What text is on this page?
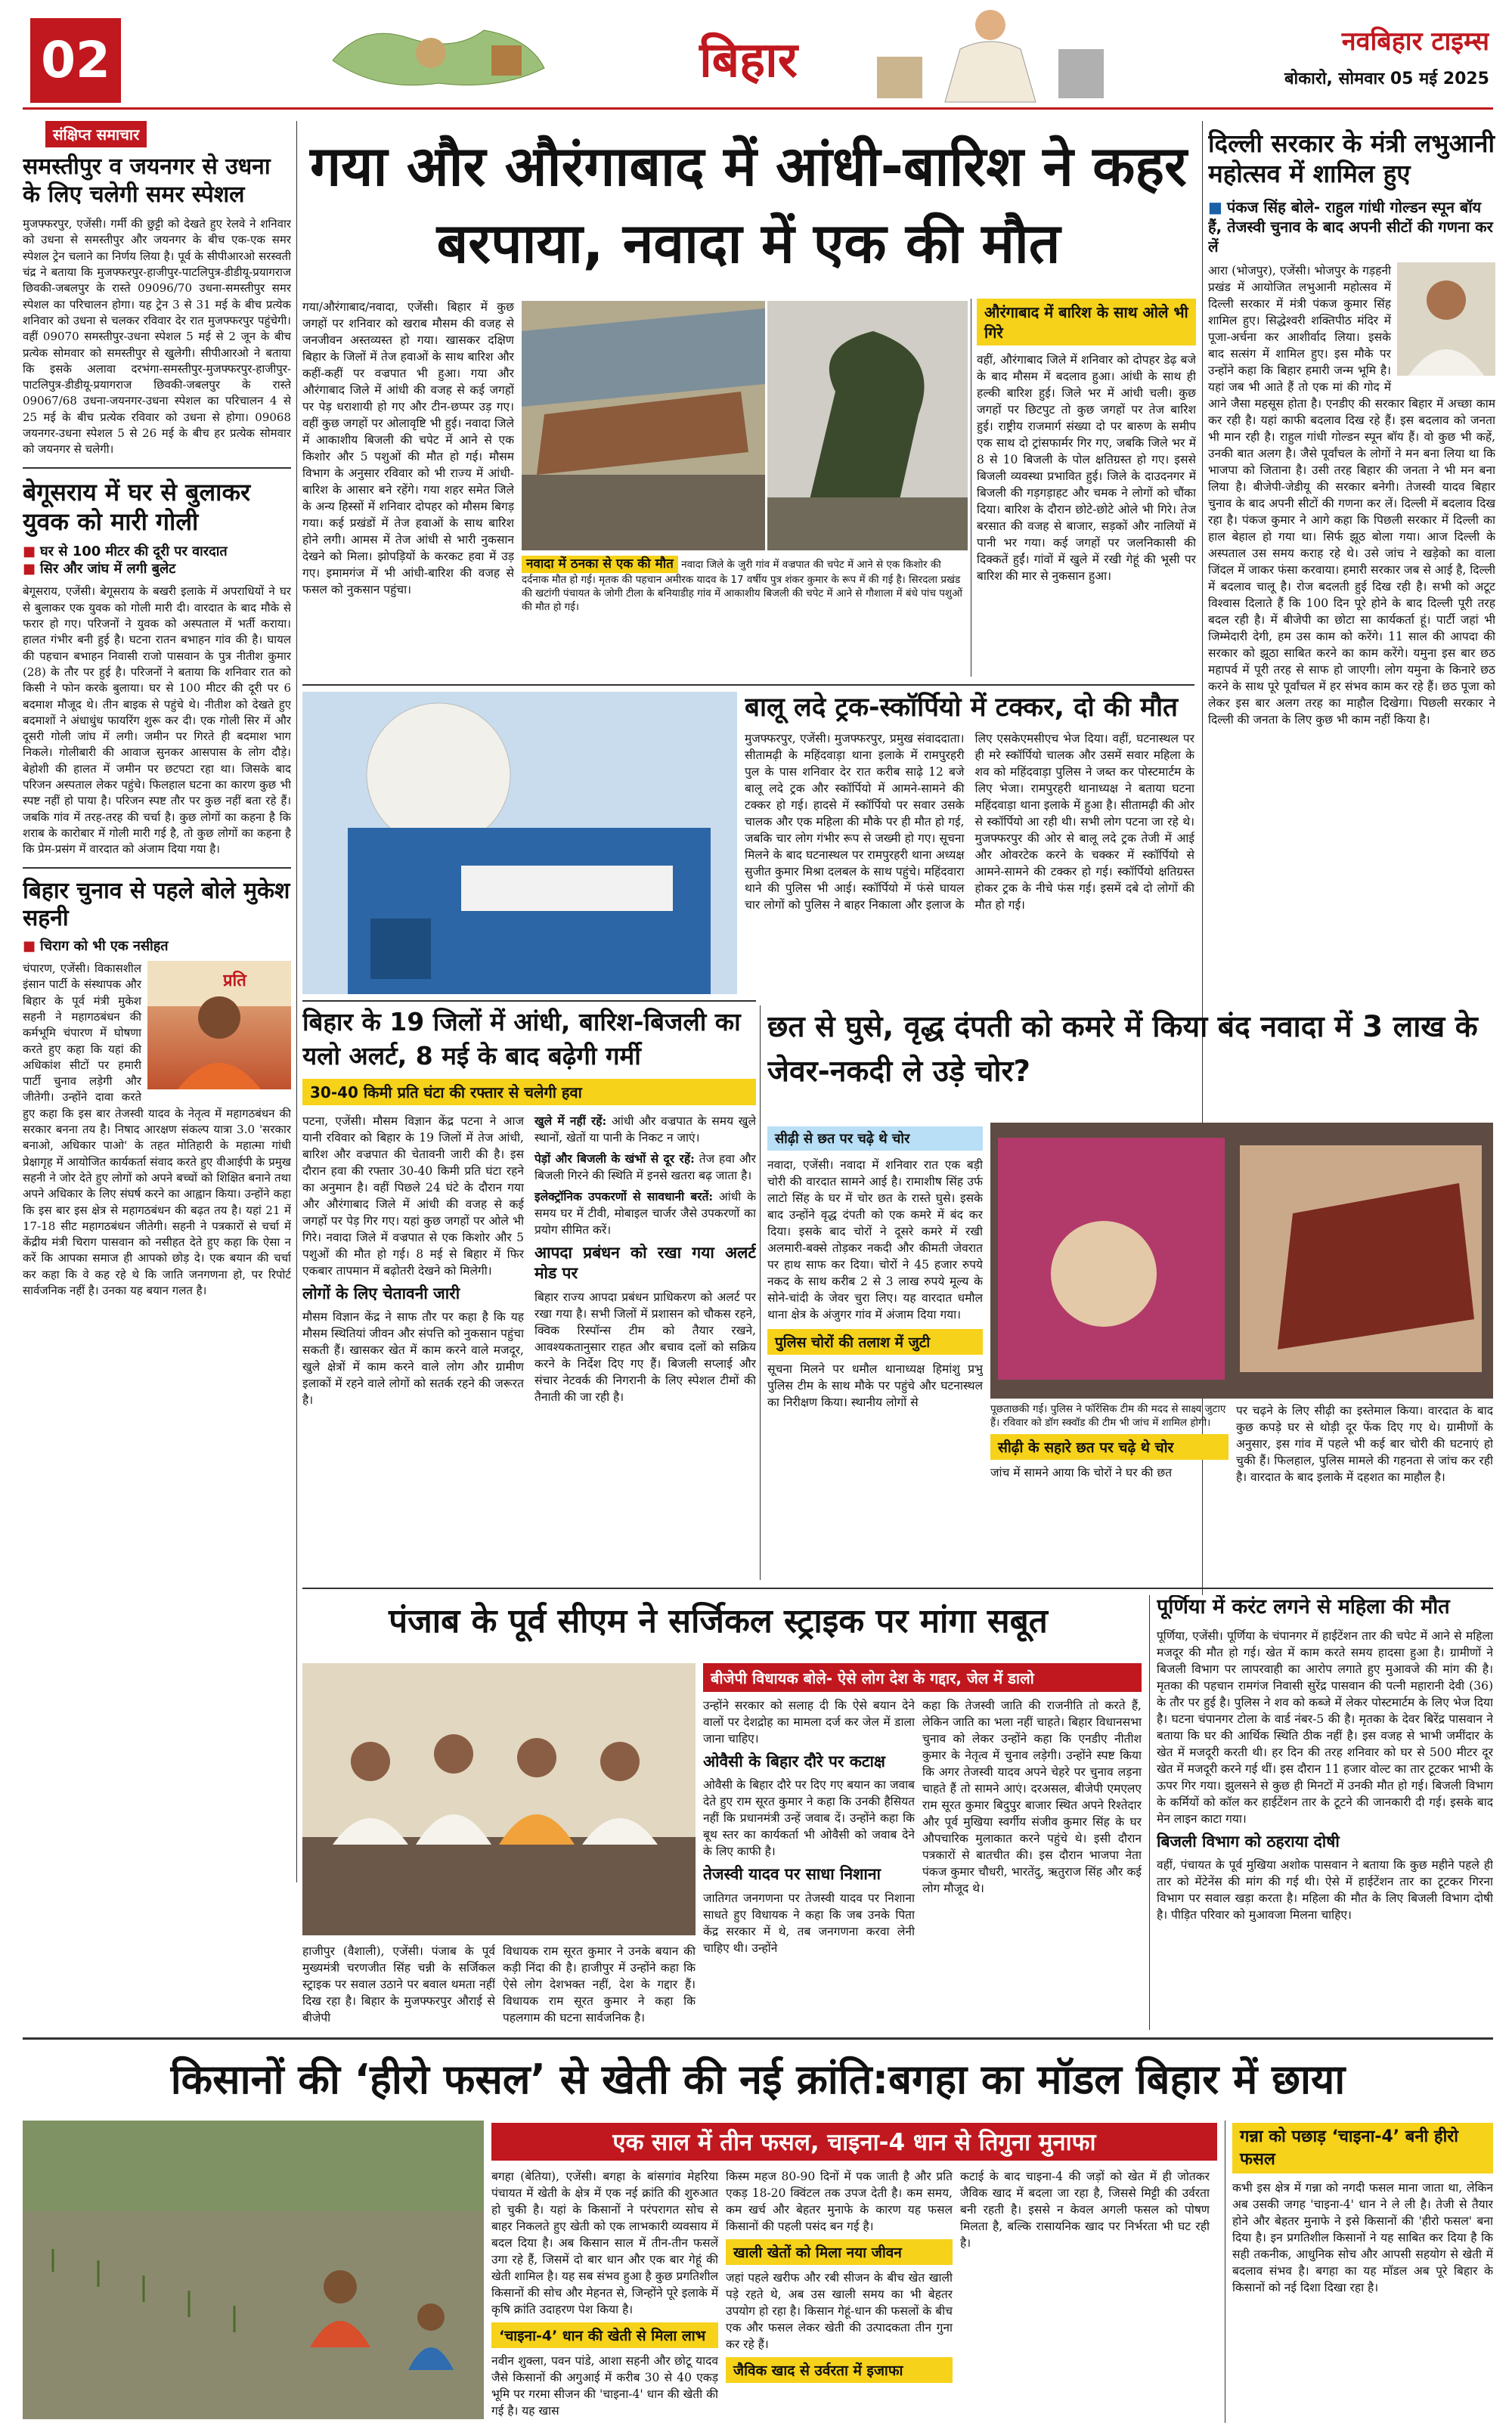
02	बिहार	नवबिहार टाइम्स
बोकारो, सोमवार 05 मई 2025
संक्षिप्त समाचार
समस्तीपुर व जयनगर से उधना के लिए चलेगी समर स्पेशल
मुजफ्फरपुर, एजेंसी। गर्मी की छुट्टी को देखते हुए रेलवे ने शनिवार को उधना से समस्तीपुर और जयनगर के बीच एक-एक समर स्पेशल ट्रेन चलाने का निर्णय लिया है। पूर्व के सीपीआरओ सरस्वती चंद्र ने बताया कि मुजफ्फरपुर-हाजीपुर-पाटलिपुत्र-डीडीयू-प्रयागराज छिवकी-जबलपुर के रास्ते 09096/70 उधना-समस्तीपुर समर स्पेशल का परिचालन होगा। यह ट्रेन 3 से 31 मई के बीच प्रत्येक शनिवार को उधना से चलकर रविवार देर रात मुजफ्फरपुर पहुंचेगी। वहीं 09070 समस्तीपुर-उधना स्पेशल 5 मई से 2 जून के बीच प्रत्येक सोमवार को समस्तीपुर से खुलेगी। सीपीआरओ ने बताया कि इसके अलावा दरभंगा-समस्तीपुर-मुजफ्फरपुर-हाजीपुर-पाटलिपुत्र-डीडीयू-प्रयागराज छिवकी-जबलपुर के रास्ते 09067/68 उधना-जयनगर-उधना स्पेशल का परिचालन 4 से 25 मई के बीच प्रत्येक रविवार को उधना से होगा। 09068 जयनगर-उधना स्पेशल 5 से 26 मई के बीच हर प्रत्येक सोमवार को जयनगर से चलेगी।
बेगूसराय में घर से बुलाकर युवक को मारी गोली
■ घर से 100 मीटर की दूरी पर वारदात
■ सिर और जांघ में लगी बुलेट
बेगूसराय, एजेंसी। बेगूसराय के बखरी इलाके में अपराधियों ने घर से बुलाकर एक युवक को गोली मारी दी। वारदात के बाद मौके से फरार हो गए। परिजनों ने युवक को अस्पताल में भर्ती कराया। हालत गंभीर बनी हुई है। घटना रातन बभाहन गांव की है। घायल की पहचान बभाहन निवासी राजो पासवान के पुत्र नीतीश कुमार (28) के तौर पर हुई है। परिजनों ने बताया कि शनिवार रात को किसी ने फोन करके बुलाया। घर से 100 मीटर की दूरी पर 6 बदमाश मौजूद थे। तीन बाइक से पहुंचे थे। नीतीश को देखते हुए बदमाशों ने अंधाधुंध फायरिंग शुरू कर दी। एक गोली सिर में और दूसरी गोली जांघ में लगी। जमीन पर गिरते ही बदमाश भाग निकले। गोलीबारी की आवाज सुनकर आसपास के लोग दौड़े। बेहोशी की हालत में जमीन पर छटपटा रहा था। जिसके बाद परिजन अस्पताल लेकर पहुंचे। फिलहाल घटना का कारण कुछ भी स्पष्ट नहीं हो पाया है। परिजन स्पष्ट तौर पर कुछ नहीं बता रहे हैं। जबकि गांव में तरह-तरह की चर्चा है। कुछ लोगों का कहना है कि शराब के कारोबार में गोली मारी गई है, तो कुछ लोगों का कहना है कि प्रेम-प्रसंग में वारदात को अंजाम दिया गया है।
बिहार चुनाव से पहले बोले मुकेश सहनी
■ चिराग को भी एक नसीहत
प्रति
चंपारण, एजेंसी। विकासशील इंसान पार्टी के संस्थापक और बिहार के पूर्व मंत्री मुकेश सहनी ने महागठबंधन की कर्मभूमि चंपारण में घोषणा करते हुए कहा कि यहां की अधिकांश सीटों पर हमारी पार्टी चुनाव लड़ेगी और जीतेगी। उन्होंने दावा करते हुए कहा कि इस बार तेजस्वी यादव के नेतृत्व में महागठबंधन की सरकार बनना तय है। निषाद आरक्षण संकल्प यात्रा 3.0 'सरकार बनाओ, अधिकार पाओ' के तहत मोतिहारी के महात्मा गांधी प्रेक्षागृह में आयोजित कार्यकर्ता संवाद करते हुए वीआईपी के प्रमुख सहनी ने जोर देते हुए लोगों को अपने बच्चों को शिक्षित बनाने तथा अपने अधिकार के लिए संघर्ष करने का आह्वान किया। उन्होंने कहा कि इस बार इस क्षेत्र से महागठबंधन की बढ़त तय है। यहां 21 में 17-18 सीट महागठबंधन जीतेगी। सहनी ने पत्रकारों से चर्चा में केंद्रीय मंत्री चिराग पासवान को नसीहत देते हुए कहा कि ऐसा न करें कि आपका समाज ही आपको छोड़ दे। एक बयान की चर्चा कर कहा कि वे कह रहे थे कि जाति जनगणना हो, पर रिपोर्ट सार्वजनिक नहीं है। उनका यह बयान गलत है।
गया और औरंगाबाद में आंधी-बारिश ने कहर बरपाया, नवादा में एक की मौत
गया/औरंगाबाद/नवादा, एजेंसी। बिहार में कुछ जगहों पर शनिवार को खराब मौसम की वजह से जनजीवन अस्तव्यस्त हो गया। खासकर दक्षिण बिहार के जिलों में तेज हवाओं के साथ बारिश और कहीं-कहीं पर वज्रपात भी हुआ। गया और औरंगाबाद जिले में आंधी की वजह से कई जगहों पर पेड़ धराशायी हो गए और टीन-छप्पर उड़ गए। वहीं कुछ जगहों पर ओलावृष्टि भी हुई। नवादा जिले में आकाशीय बिजली की चपेट में आने से एक किशोर और 5 पशुओं की मौत हो गई। मौसम विभाग के अनुसार रविवार को भी राज्य में आंधी-बारिश के आसार बने रहेंगे। गया शहर समेत जिले के अन्य हिस्सों में शनिवार दोपहर को मौसम बिगड़ गया। कई प्रखंडों में तेज हवाओं के साथ बारिश होने लगी। आमस में तेज आंधी से भारी नुकसान देखने को मिला। झोपड़ियों के करकट हवा में उड़ गए। इमामगंज में भी आंधी-बारिश की वजह से फसल को नुकसान पहुंचा।
नवादा में ठनका से एक की मौत नवादा जिले के जुरी गांव में वज्रपात की चपेट में आने से एक किशोर की दर्दनाक मौत हो गई। मृतक की पहचान अमीरक यादव के 17 वर्षीय पुत्र शंकर कुमार के रूप में की गई है। सिरदला प्रखंड की खटांगी पंचायत के जोगी टीला के बनियाडीह गांव में आकाशीय बिजली की चपेट में आने से गौशाला में बंधे पांच पशुओं की मौत हो गई।
औरंगाबाद में बारिश के साथ ओले भी गिरे
वहीं, औरंगाबाद जिले में शनिवार को दोपहर डेढ़ बजे के बाद मौसम में बदलाव हुआ। आंधी के साथ ही हल्की बारिश हुई। जिले भर में आंधी चली। कुछ जगहों पर छिटपुट तो कुछ जगहों पर तेज बारिश हुई। राष्ट्रीय राजमार्ग संख्या दो पर बारुण के समीप एक साथ दो ट्रांसफार्मर गिर गए, जबकि जिले भर में 8 से 10 बिजली के पोल क्षतिग्रस्त हो गए। इससे बिजली व्यवस्था प्रभावित हुई। जिले के दाउदनगर में बिजली की गड़गड़ाहट और चमक ने लोगों को चौंका दिया। बारिश के दौरान छोटे-छोटे ओले भी गिरे। तेज बरसात की वजह से बाजार, सड़कों और नालियों में पानी भर गया। कई जगहों पर जलनिकासी की दिक्कतें हुईं। गांवों में खुले में रखी गेहूं की भूसी पर बारिश की मार से नुकसान हुआ।
दिल्ली सरकार के मंत्री लभुआनी महोत्सव में शामिल हुए
■ पंकज सिंह बोले- राहुल गांधी गोल्डन स्पून बॉय हैं, तेजस्वी चुनाव के बाद अपनी सीटों की गणना कर लें
आरा (भोजपुर), एजेंसी। भोजपुर के गड़हनी प्रखंड में आयोजित लभुआनी महोत्सव में दिल्ली सरकार में मंत्री पंकज कुमार सिंह शामिल हुए। सिद्धेश्वरी शक्तिपीठ मंदिर में पूजा-अर्चना कर आशीर्वाद लिया। इसके बाद सत्संग में शामिल हुए। इस मौके पर उन्होंने कहा कि बिहार हमारी जन्म भूमि है। यहां जब भी आते हैं तो एक मां की गोद में आने जैसा महसूस होता है। एनडीए की सरकार बिहार में अच्छा काम कर रही है। यहां काफी बदलाव दिख रहे हैं। इस बदलाव को जनता भी मान रही है। राहुल गांधी गोल्डन स्पून बॉय हैं। वो कुछ भी कहें, उनकी बात अलग है। जैसे पूर्वांचल के लोगों ने मन बना लिया था कि भाजपा को जिताना है। उसी तरह बिहार की जनता ने भी मन बना लिया है। बीजेपी-जेडीयू की सरकार बनेगी। तेजस्वी यादव बिहार चुनाव के बाद अपनी सीटों की गणना कर लें। दिल्ली में बदलाव दिख रहा है। पंकज कुमार ने आगे कहा कि पिछली सरकार में दिल्ली का हाल बेहाल हो गया था। सिर्फ झूठ बोला गया। आज दिल्ली के अस्पताल उस समय कराह रहे थे। उसे जांच ने खड़ेको का वाला जिंदल में जाकर फंसा करवाया। हमारी सरकार जब से आई है, दिल्ली में बदलाव चालू है। रोज बदलती हुई दिख रही है। सभी को अटूट विश्वास दिलाते हैं कि 100 दिन पूरे होने के बाद दिल्ली पूरी तरह बदल रही है। में बीजेपी का छोटा सा कार्यकर्ता हूं। पार्टी जहां भी जिम्मेदारी देगी, हम उस काम को करेंगे। 11 साल की आपदा की सरकार को झूठा साबित करने का काम करेंगे। यमुना इस बार छठ महापर्व में पूरी तरह से साफ हो जाएगी। लोग यमुना के किनारे छठ करने के साथ पूरे पूर्वांचल में हर संभव काम कर रहे हैं। छठ पूजा को लेकर इस बार अलग तरह का माहौल दिखेगा। पिछली सरकार ने दिल्ली की जनता के लिए कुछ भी काम नहीं किया है।
बालू लदे ट्रक-स्कॉर्पियो में टक्कर, दो की मौत
मुजफ्फरपुर, एजेंसी। मुजफ्फरपुर, प्रमुख संवाददाता। सीतामढ़ी के महिंदवाड़ा थाना इलाके में रामपुरहरी पुल के पास शनिवार देर रात करीब साढ़े 12 बजे बालू लदे ट्रक और स्कॉर्पियो में आमने-सामने की टक्कर हो गई। हादसे में स्कॉर्पियो पर सवार उसके चालक और एक महिला की मौके पर ही मौत हो गई, जबकि चार लोग गंभीर रूप से जख्मी हो गए। सूचना मिलने के बाद घटनास्थल पर रामपुरहरी थाना अध्यक्ष सुजीत कुमार मिश्रा दलबल के साथ पहुंचे। महिंदवारा थाने की पुलिस भी आई। स्कॉर्पियो में फंसे घायल चार लोगों को पुलिस ने बाहर निकाला और इलाज के लिए एसकेएमसीएच भेज दिया। वहीं, घटनास्थल पर ही मरे स्कॉर्पियो चालक और उसमें सवार महिला के शव को महिंदवाड़ा पुलिस ने जब्त कर पोस्टमार्टम के लिए भेजा। रामपुरहरी थानाध्यक्ष ने बताया घटना महिंदवाड़ा थाना इलाके में हुआ है। सीतामढ़ी की ओर से स्कॉर्पियो आ रही थी। सभी लोग पटना जा रहे थे। मुजफ्फरपुर की ओर से बालू लदे ट्रक तेजी में आई और ओवरटेक करने के चक्कर में स्कॉर्पियो से आमने-सामने की टक्कर हो गई। स्कॉर्पियो क्षतिग्रस्त होकर ट्रक के नीचे फंस गई। इसमें दबे दो लोगों की मौत हो गई।
बिहार के 19 जिलों में आंधी, बारिश-बिजली का यलो अलर्ट, 8 मई के बाद बढ़ेगी गर्मी
30-40 किमी प्रति घंटा की रफ्तार से चलेगी हवा

पटना, एजेंसी। मौसम विज्ञान केंद्र पटना ने आज यानी रविवार को बिहार के 19 जिलों में तेज आंधी, बारिश और वज्रपात की चेतावनी जारी की है। इस दौरान हवा की रफ्तार 30-40 किमी प्रति घंटा रहने का अनुमान है। वहीं पिछले 24 घंटे के दौरान गया और औरंगाबाद जिले में आंधी की वजह से कई जगहों पर पेड़ गिर गए। यहां कुछ जगहों पर ओले भी गिरे। नवादा जिले में वज्रपात से एक किशोर और 5 पशुओं की मौत हो गई। 8 मई से बिहार में फिर एकबार तापमान में बढ़ोतरी देखने को मिलेगी।

लोगों के लिए चेतावनी जारी

मौसम विज्ञान केंद्र ने साफ तौर पर कहा है कि यह मौसम स्थितियां जीवन और संपत्ति को नुकसान पहुंचा सकती हैं। खासकर खेत में काम करने वाले मजदूर, खुले क्षेत्रों में काम करने वाले लोग और ग्रामीण इलाकों में रहने वाले लोगों को सतर्क रहने की जरूरत है।

खुले में नहीं रहें: आंधी और वज्रपात के समय खुले स्थानों, खेतों या पानी के निकट न जाएं।

पेड़ों और बिजली के खंभों से दूर रहें: तेज हवा और बिजली गिरने की स्थिति में इनसे खतरा बढ़ जाता है।

इलेक्ट्रॉनिक उपकरणों से सावधानी बरतें: आंधी के समय घर में टीवी, मोबाइल चार्जर जैसे उपकरणों का प्रयोग सीमित करें।

आपदा प्रबंधन को रखा गया अलर्ट मोड पर

बिहार राज्य आपदा प्रबंधन प्राधिकरण को अलर्ट पर रखा गया है। सभी जिलों में प्रशासन को चौकस रहने, क्विक रिस्पॉन्स टीम को तैयार रखने, आवश्यकतानुसार राहत और बचाव दलों को सक्रिय करने के निर्देश दिए गए हैं। बिजली सप्लाई और संचार नेटवर्क की निगरानी के लिए स्पेशल टीमों की तैनाती की जा रही है।

छत से घुसे, वृद्ध दंपती को कमरे में किया बंद नवादा में 3 लाख के जेवर-नकदी ले उड़े चोर?
सीढ़ी से छत पर चढ़े थे चोर
नवादा, एजेंसी। नवादा में शनिवार रात एक बड़ी चोरी की वारदात सामने आई है। रामाशीष सिंह उर्फ लाटो सिंह के घर में चोर छत के रास्ते घुसे। इसके बाद उन्होंने वृद्ध दंपती को एक कमरे में बंद कर दिया। इसके बाद चोरों ने दूसरे कमरे में रखी अलमारी-बक्से तोड़कर नकदी और कीमती जेवरात पर हाथ साफ कर दिया। चोरों ने 45 हजार रुपये नकद के साथ करीब 2 से 3 लाख रुपये मूल्य के सोने-चांदी के जेवर चुरा लिए। यह वारदात धमौल थाना क्षेत्र के अंजुगर गांव में अंजाम दिया गया।
पुलिस चोरों की तलाश में जुटी
सूचना मिलने पर धमौल थानाध्यक्ष हिमांशु प्रभु पुलिस टीम के साथ मौके पर पहुंचे और घटनास्थल का निरीक्षण किया। स्थानीय लोगों से	पूछताछकी गई। पुलिस ने फॉरेंसिक टीम की मदद से साक्ष्य जुटाए हैं। रविवार को डॉग स्क्वॉड की टीम भी जांच में शामिल होगी।
सीढ़ी के सहारे छत पर चढ़े थे चोर
जांच में सामने आया कि चोरों ने घर की छत
पर चढ़ने के लिए सीढ़ी का इस्तेमाल किया। वारदात के बाद कुछ कपड़े घर से थोड़ी दूर फेंक दिए गए थे। ग्रामीणों के अनुसार, इस गांव में पहले भी कई बार चोरी की घटनाएं हो चुकी हैं। फिलहाल, पुलिस मामले की गहनता से जांच कर रही है। वारदात के बाद इलाके में दहशत का माहौल है।
पंजाब के पूर्व सीएम ने सर्जिकल स्ट्राइक पर मांगा सबूत
बीजेपी विधायक बोले- ऐसे लोग देश के गद्दार, जेल में डालो
हाजीपुर (वैशाली), एजेंसी। पंजाब के पूर्व मुख्यमंत्री चरणजीत सिंह चन्नी के सर्जिकल स्ट्राइक पर सवाल उठाने पर बवाल थमता नहीं दिख रहा है। बिहार के मुजफ्फरपुर औराई से बीजेपी
विधायक राम सूरत कुमार ने उनके बयान की कड़ी निंदा की है। हाजीपुर में उन्होंने कहा कि ऐसे लोग देशभक्त नहीं, देश के गद्दार हैं। विधायक राम सूरत कुमार ने कहा कि पहलगाम की घटना सार्वजनिक है।
उन्होंने सरकार को सलाह दी कि ऐसे बयान देने वालों पर देशद्रोह का मामला दर्ज कर जेल में डाला जाना चाहिए।
ओवैसी के बिहार दौरे पर कटाक्ष
ओवैसी के बिहार दौरे पर दिए गए बयान का जवाब देते हुए राम सूरत कुमार ने कहा कि उनकी हैसियत नहीं कि प्रधानमंत्री उन्हें जवाब दें। उन्होंने कहा कि बूथ स्तर का कार्यकर्ता भी ओवैसी को जवाब देने के लिए काफी है।
तेजस्वी यादव पर साधा निशाना
जातिगत जनगणना पर तेजस्वी यादव पर निशाना साधते हुए विधायक ने कहा कि जब उनके पिता केंद्र सरकार में थे, तब जनगणना करवा लेनी चाहिए थी। उन्होंने
कहा कि तेजस्वी जाति की राजनीति तो करते हैं, लेकिन जाति का भला नहीं चाहते। बिहार विधानसभा चुनाव को लेकर उन्होंने कहा कि एनडीए नीतीश कुमार के नेतृत्व में चुनाव लड़ेगी। उन्होंने स्पष्ट किया कि अगर तेजस्वी यादव अपने चेहरे पर चुनाव लड़ना चाहते हैं तो सामने आएं। दरअसल, बीजेपी एमएलए राम सूरत कुमार बिदुपुर बाजार स्थित अपने रिश्तेदार और पूर्व मुखिया स्वर्गीय संजीव कुमार सिंह के घर औपचारिक मुलाकात करने पहुंचे थे। इसी दौरान पत्रकारों से बातचीत की। इस दौरान भाजपा नेता पंकज कुमार चौधरी, भारतेंदु, ऋतुराज सिंह और कई लोग मौजूद थे।
पूर्णिया में करंट लगने से महिला की मौत
पूर्णिया, एजेंसी। पूर्णिया के चंपानगर में हाईटेंशन तार की चपेट में आने से महिला मजदूर की मौत हो गई। खेत में काम करते समय हादसा हुआ है। ग्रामीणों ने बिजली विभाग पर लापरवाही का आरोप लगाते हुए मुआवजे की मांग की है। मृतका की पहचान रामगंज निवासी सुरेंद्र पासवान की पत्नी महारानी देवी (36) के तौर पर हुई है। पुलिस ने शव को कब्जे में लेकर पोस्टमार्टम के लिए भेज दिया है। घटना चंपानगर टोला के वार्ड नंबर-5 की है। मृतका के देवर बिरेंद्र पासवान ने बताया कि घर की आर्थिक स्थिति ठीक नहीं है। इस वजह से भाभी जमींदार के खेत में मजदूरी करती थी। हर दिन की तरह शनिवार को घर से 500 मीटर दूर खेत में मजदूरी करने गई थीं। इस दौरान 11 हजार वोल्ट का तार टूटकर भाभी के ऊपर गिर गया। झुलसने से कुछ ही मिनटों में उनकी मौत हो गई। बिजली विभाग के कर्मियों को कॉल कर हाईटेंशन तार के टूटने की जानकारी दी गई। इसके बाद मेन लाइन काटा गया।
बिजली विभाग को ठहराया दोषी
वहीं, पंचायत के पूर्व मुखिया अशोक पासवान ने बताया कि कुछ महीने पहले ही तार को मेंटेनेंस की मांग की गई थी। ऐसे में हाईटेंशन तार का टूटकर गिरना विभाग पर सवाल खड़ा करता है। महिला की मौत के लिए बिजली विभाग दोषी है। पीड़ित परिवार को मुआवजा मिलना चाहिए।
किसानों की ‘हीरो फसल’ से खेती की नई क्रांति:बगहा का मॉडल बिहार में छाया
एक साल में तीन फसल, चाइना-4 धान से तिगुना मुनाफा
बगहा (बेतिया), एजेंसी। बगहा के बांसगांव मेहरिया पंचायत में खेती के क्षेत्र में एक नई क्रांति की शुरुआत हो चुकी है। यहां के किसानों ने परंपरागत सोच से बाहर निकलते हुए खेती को एक लाभकारी व्यवसाय में बदल दिया है। अब किसान साल में तीन-तीन फसलें उगा रहे हैं, जिसमें दो बार धान और एक बार गेहूं की खेती शामिल है। यह सब संभव हुआ है कुछ प्रगतिशील किसानों की सोच और मेहनत से, जिन्होंने पूरे इलाके में कृषि क्रांति उदाहरण पेश किया है।
‘चाइना-4’ धान की खेती से मिला लाभ
नवीन शुक्ला, पवन पांडे, आशा सहनी और छोटू यादव जैसे किसानों की अगुआई में करीब 30 से 40 एकड़ भूमि पर गरमा सीजन की 'चाइना-4' धान की खेती की गई है। यह खास
किस्म महज 80-90 दिनों में पक जाती है और प्रति एकड़ 18-20 क्विंटल तक उपज देती है। कम समय, कम खर्च और बेहतर मुनाफे के कारण यह फसल किसानों की पहली पसंद बन गई है।
खाली खेतों को मिला नया जीवन
जहां पहले खरीफ और रबी सीजन के बीच खेत खाली पड़े रहते थे, अब उस खाली समय का भी बेहतर उपयोग हो रहा है। किसान गेहूं-धान की फसलों के बीच एक और फसल लेकर खेती की उत्पादकता तीन गुना कर रहे हैं।
जैविक खाद से उर्वरता में इजाफा
कटाई के बाद चाइना-4 की जड़ों को खेत में ही जोतकर जैविक खाद में बदला जा रहा है, जिससे मिट्टी की उर्वरता बनी रहती है। इससे न केवल अगली फसल को पोषण मिलता है, बल्कि रासायनिक खाद पर निर्भरता भी घट रही है।
गन्ना को पछाड़ ‘चाइना-4’ बनी हीरो फसल
कभी इस क्षेत्र में गन्ना को नगदी फसल माना जाता था, लेकिन अब उसकी जगह 'चाइना-4' धान ने ले ली है। तेजी से तैयार होने और बेहतर मुनाफे ने इसे किसानों की 'हीरो फसल' बना दिया है। इन प्रगतिशील किसानों ने यह साबित कर दिया है कि सही तकनीक, आधुनिक सोच और आपसी सहयोग से खेती में बदलाव संभव है। बगहा का यह मॉडल अब पूरे बिहार के किसानों को नई दिशा दिखा रहा है।
